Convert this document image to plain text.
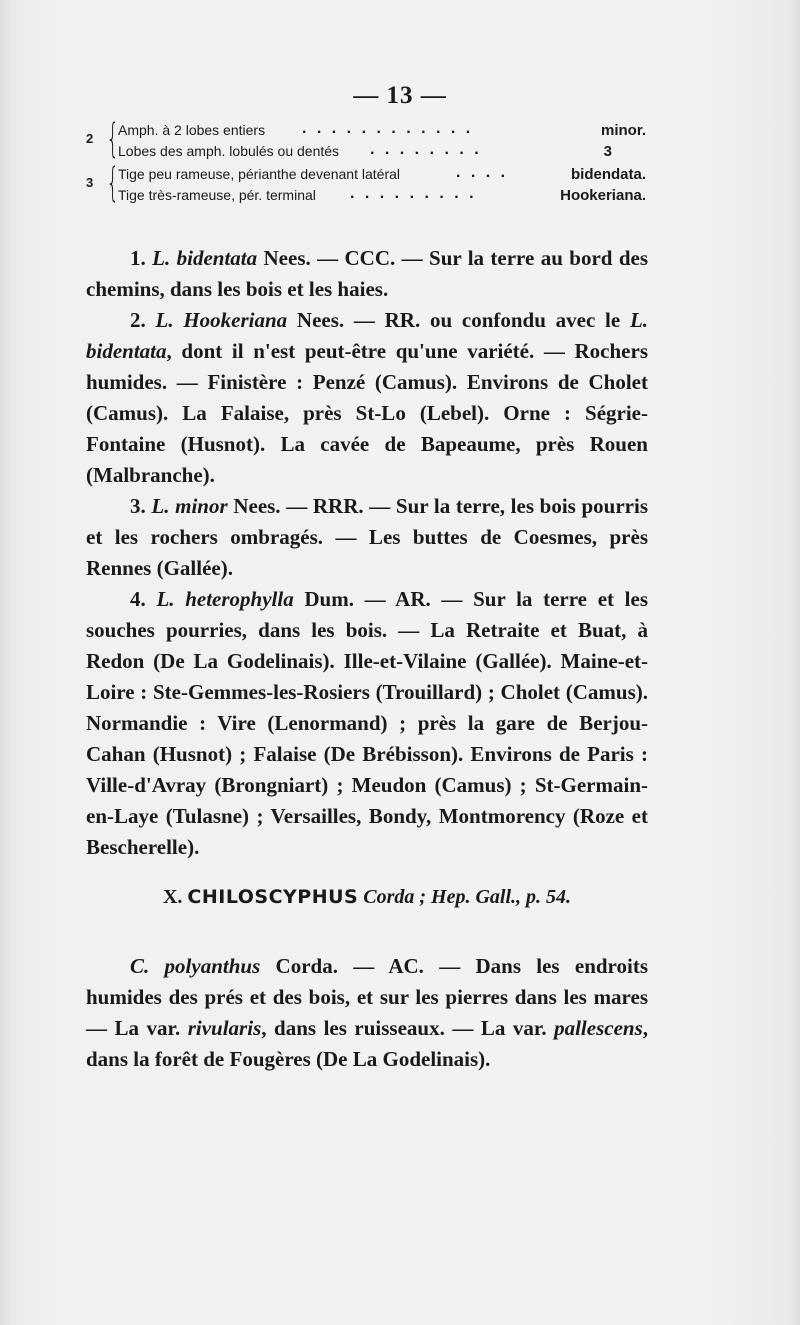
— 13 —
2 {
Amph. à 2 lobes entiers . . . . . . . . . . . .	minor.
Lobes des amph. lobulés ou dentés . . . . . . . .	3
3 {
Tige peu rameuse, périanthe devenant latéral	. . . .	bidendata.
Tige très-rameuse, pér. terminal . . . . . . . . .	Hookeriana.

1. L. bidentata Nees. — CCC. — Sur la terre au bord des chemins, dans les bois et les haies.

2. L. Hookeriana Nees. — RR. ou confondu avec le L. bidentata, dont il n'est peut-être qu'une variété. — Rochers humides. — Finistère : Penzé (Camus). Environs de Cholet (Camus). La Falaise, près St-Lo (Lebel). Orne : Ségrie-Fontaine (Husnot). La cavée de Bapeaume, près Rouen (Malbranche).

3. L. minor Nees. — RRR. — Sur la terre, les bois pourris et les rochers ombragés. — Les buttes de Coesmes, près Rennes (Gallée).

4. L. heterophylla Dum. — AR. — Sur la terre et les souches pourries, dans les bois. — La Retraite et Buat, à Redon (De La Godelinais). Ille-et-Vilaine (Gallée). Maine-et-Loire : Ste-Gemmes-les-Rosiers (Trouillard) ; Cholet (Camus). Normandie : Vire (Lenormand) ; près la gare de Berjou-Cahan (Husnot) ; Falaise (De Brébisson). Environs de Paris : Ville-d'Avray (Brongniart) ; Meudon (Camus) ; St-Germain-en-Laye (Tulasne) ; Versailles, Bondy, Montmorency (Roze et Bescherelle).

X. CHILOSCYPHUS Corda ; Hep. Gall., p. 54.

C. polyanthus Corda. — AC. — Dans les endroits humides des prés et des bois, et sur les pierres dans les mares — La var. rivularis, dans les ruisseaux. — La var. pallescens, dans la forêt de Fougères (De La Godelinais).
